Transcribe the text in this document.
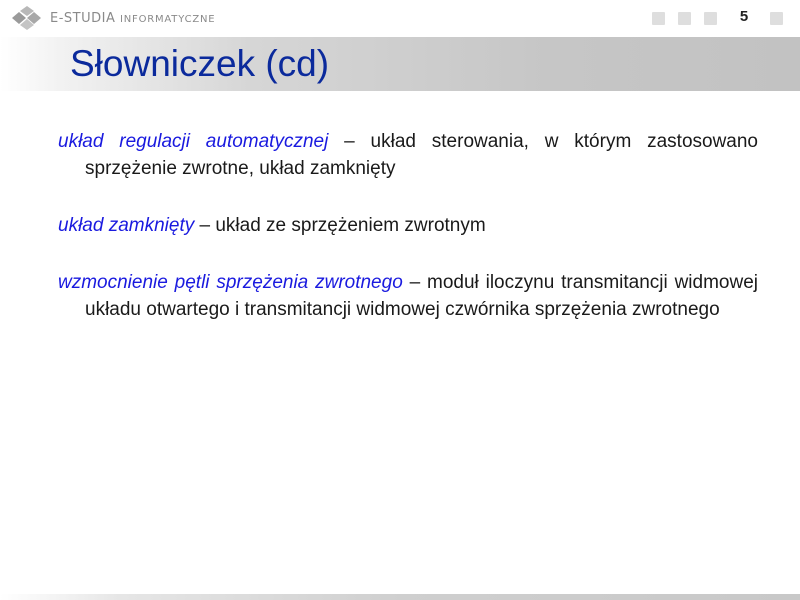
E-STUDIA INFORMATYCZNE	5
Słowniczek (cd)

układ regulacji automatycznej – układ sterowania, w którym zastosowano sprzężenie zwrotne, układ zamknięty

układ zamknięty – układ ze sprzężeniem zwrotnym

wzmocnienie pętli sprzężenia zwrotnego – moduł iloczynu transmitancji widmowej układu otwartego i transmitancji widmowej czwórnika sprzężenia zwrotnego
